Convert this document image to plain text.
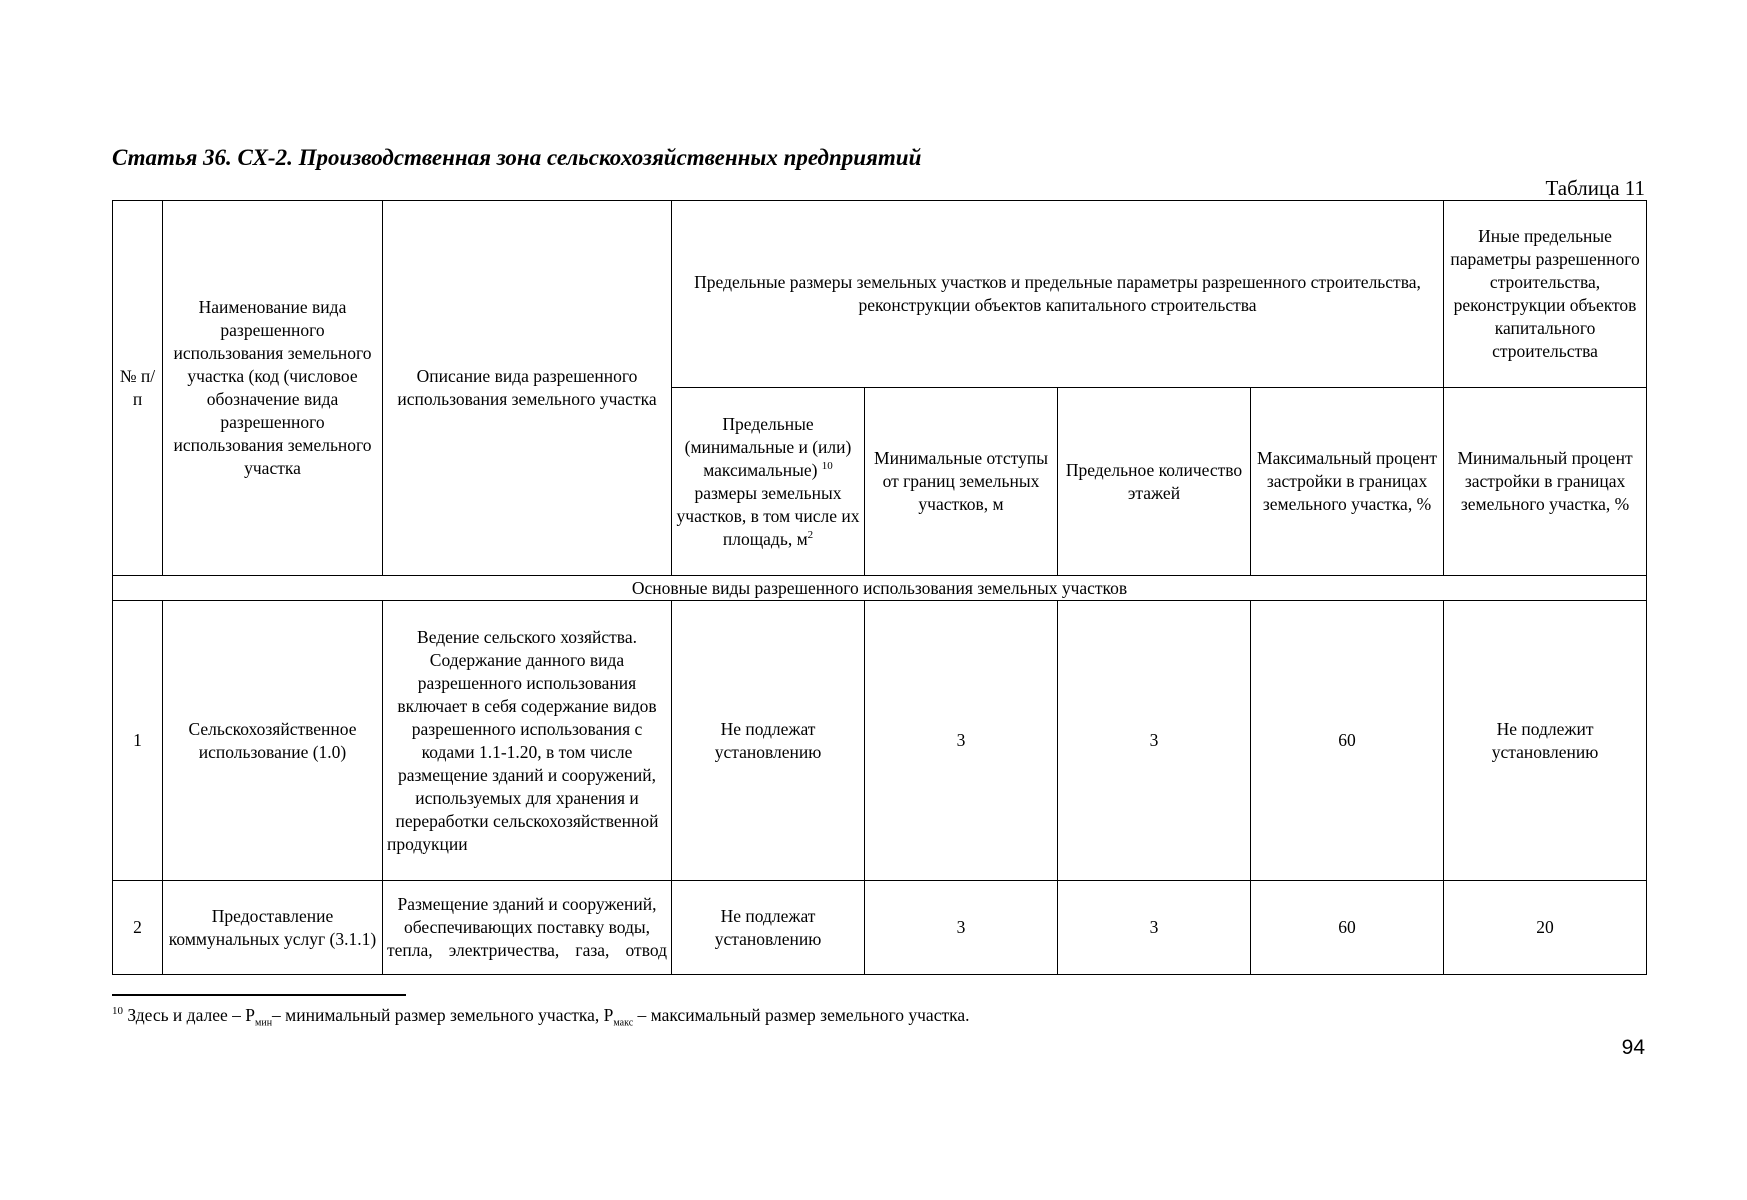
Статья 36. СХ-2. Производственная зона сельскохозяйственных предприятий

Таблица 11

№ п/п	Наименование вида разрешенного использования земельного участка (код (числовое обозначение вида разрешенного использования земельного участка	Описание вида разрешенного использования земельного участка	Предельные размеры земельных участков и предельные параметры разрешенного строительства, реконструкции объектов капитального строительства				Иные предельные параметры разрешенного строительства, реконструкции объектов капитального строительства
			Предельные (минимальные и (или) максимальные) $^{10}$ размеры земельных участков, в том числе их площадь, $м^2$	Минимальные отступы от границ земельных участков, м	Предельное количество этажей	Максимальный процент застройки в границах земельного участка, %	Минимальный процент застройки в границах земельного участка, %
Основные виды разрешенного использования земельных участков							
1	Сельскохозяйственное использование (1.0)	Ведение сельского хозяйства. Содержание данного вида разрешенного использования включает в себя содержание видов разрешенного использования с кодами 1.1-1.20, в том числе размещение зданий и сооружений, используемых для хранения и переработки сельскохозяйственной продукции	Не подлежат установлению	3	3	60	Не подлежит установлению
2	Предоставление коммунальных услуг (3.1.1)	Размещение зданий и сооружений, обеспечивающих поставку воды, тепла, электричества, газа, отвод	Не подлежат установлению	3	3	60	20

$^{10}$ Здесь и далее – $Р_{мин}-$ минимальный размер земельного участка, $Р_{макс}$ – максимальный размер земельного участка.

94
